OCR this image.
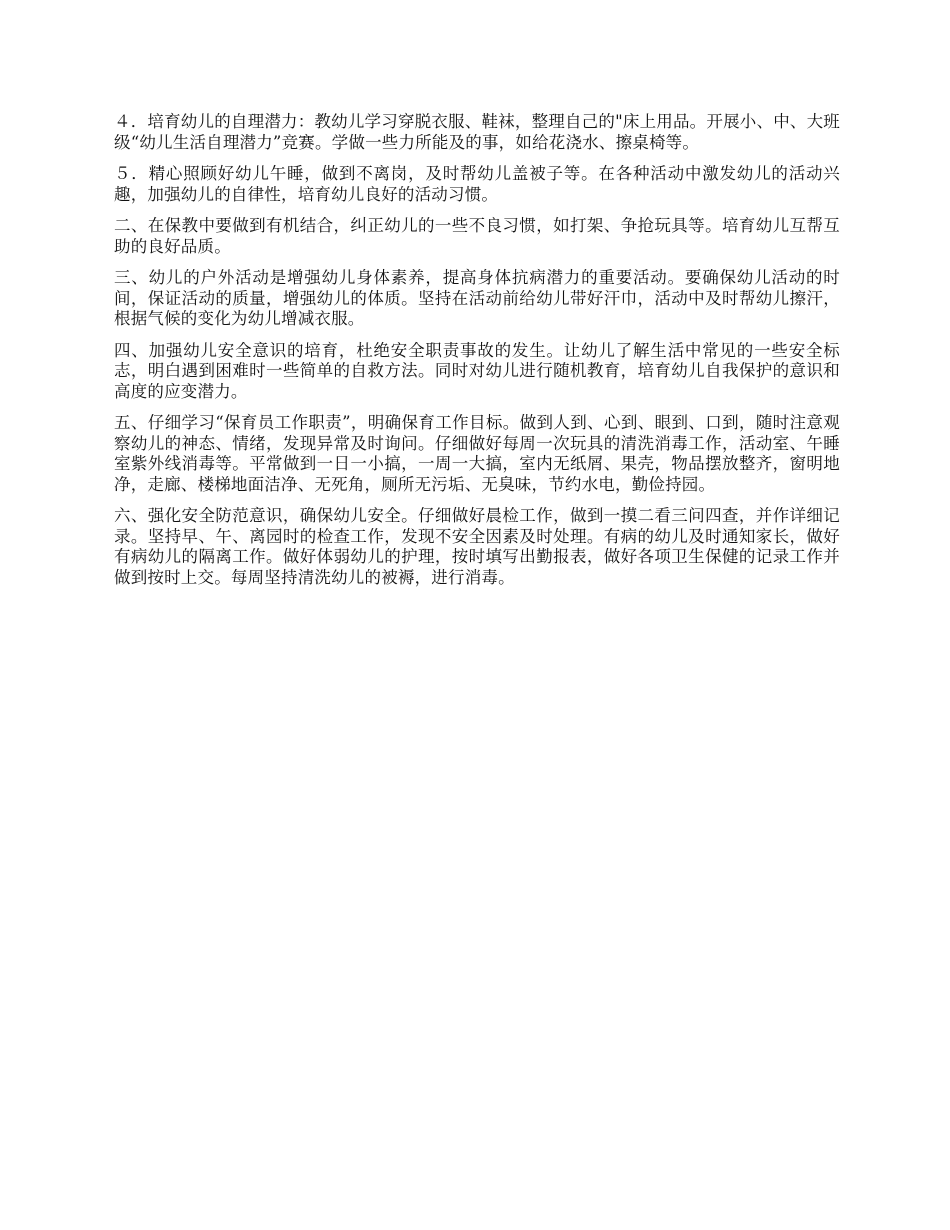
４．培育幼儿的自理潜力：教幼儿学习穿脱衣服、鞋袜，整理自己的"床上用品。开展小、中、大班级“幼儿生活自理潜力”竞赛。学做一些力所能及的事，如给花浇水、擦桌椅等。

５．精心照顾好幼儿午睡，做到不离岗，及时帮幼儿盖被子等。在各种活动中激发幼儿的活动兴趣，加强幼儿的自律性，培育幼儿良好的活动习惯。

二、在保教中要做到有机结合，纠正幼儿的一些不良习惯，如打架、争抢玩具等。培育幼儿互帮互助的良好品质。

三、幼儿的户外活动是增强幼儿身体素养，提高身体抗病潜力的重要活动。要确保幼儿活动的时间，保证活动的质量，增强幼儿的体质。坚持在活动前给幼儿带好汗巾，活动中及时帮幼儿擦汗，根据气候的变化为幼儿增减衣服。

四、加强幼儿安全意识的培育，杜绝安全职责事故的发生。让幼儿了解生活中常见的一些安全标志，明白遇到困难时一些简单的自救方法。同时对幼儿进行随机教育，培育幼儿自我保护的意识和高度的应变潜力。

五、仔细学习“保育员工作职责”，明确保育工作目标。做到人到、心到、眼到、口到，随时注意观察幼儿的神态、情绪，发现异常及时询问。仔细做好每周一次玩具的清洗消毒工作，活动室、午睡室紫外线消毒等。平常做到一日一小搞，一周一大搞，室内无纸屑、果壳，物品摆放整齐，窗明地净，走廊、楼梯地面洁净、无死角，厕所无污垢、无臭味，节约水电，勤俭持园。

六、强化安全防范意识，确保幼儿安全。仔细做好晨检工作，做到一摸二看三问四查，并作详细记录。坚持早、午、离园时的检查工作，发现不安全因素及时处理。有病的幼儿及时通知家长，做好有病幼儿的隔离工作。做好体弱幼儿的护理，按时填写出勤报表，做好各项卫生保健的记录工作并做到按时上交。每周坚持清洗幼儿的被褥，进行消毒。
